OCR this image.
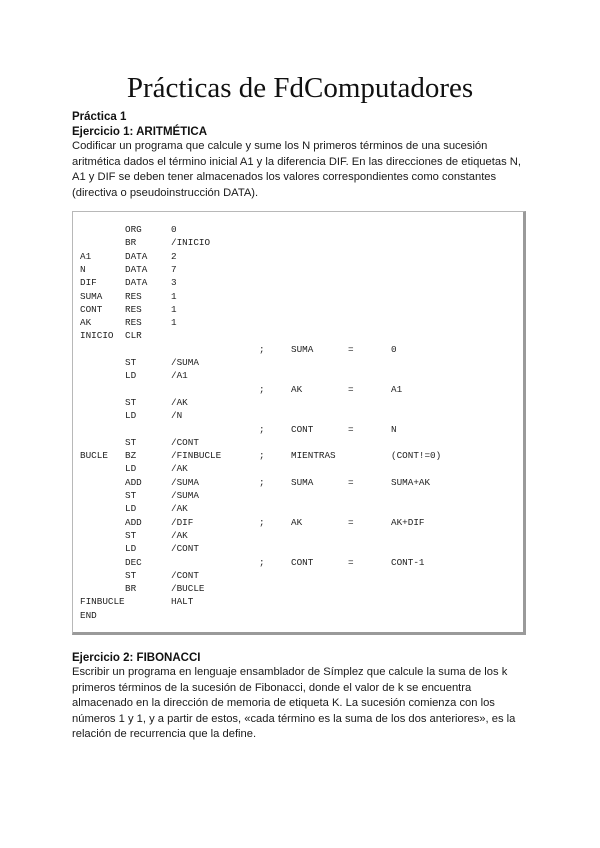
Prácticas de FdComputadores
Práctica 1
Ejercicio 1: ARITMÉTICA
Codificar un programa que calcule y sume los N primeros términos de una sucesión
aritmética dados el término inicial A1 y la diferencia DIF. En las direcciones de etiquetas N,
A1 y DIF se deben tener almacenados los valores correspondientes como constantes
(directiva o pseudoinstrucción DATA).
ORG	0
BR	/INICIO
A1	DATA	2
N	DATA	7
DIF	DATA	3
SUMA RES	1
CONT RES	1
AK	RES	1
INICIO CLR
;	SUMA	=	0
ST	/SUMA
LD	/A1
;	AK	=	A1
ST	/AK
LD	/N
;	CONT	=	N
ST	/CONT
BUCLE BZ	/FINBUCLE	;	MIENTRAS	(CONT!=0)
LD	/AK
ADD	/SUMA	;	SUMA	=	SUMA+AK
ST	/SUMA
LD	/AK
ADD	/DIF	;	AK	=	AK+DIF
ST	/AK
LD	/CONT
DEC	;	CONT	=	CONT-1
ST	/CONT
BR	/BUCLE
FINBUCLE	HALT
END
Ejercicio 2: FIBONACCI
Escribir un programa en lenguaje ensamblador de Símplez que calcule la suma de los k
primeros términos de la sucesión de Fibonacci, donde el valor de k se encuentra
almacenado en la dirección de memoria de etiqueta K. La sucesión comienza con los
números 1 y 1, y a partir de estos, «cada término es la suma de los dos anteriores», es la
relación de recurrencia que la define.
